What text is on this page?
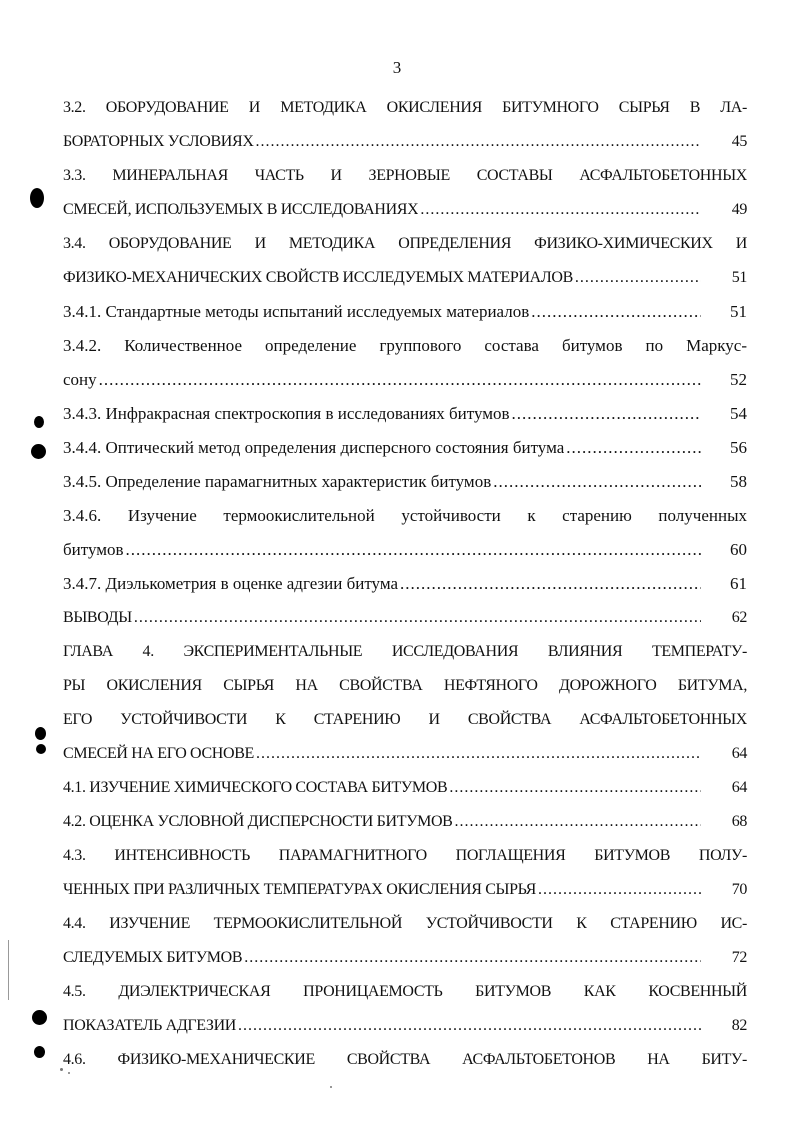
3
3.2. ОБОРУДОВАНИЕ И МЕТОДИКА ОКИСЛЕНИЯ БИТУМНОГО СЫРЬЯ В ЛА-
БОРАТОРНЫХ УСЛОВИЯХ .....	45
3.3. МИНЕРАЛЬНАЯ ЧАСТЬ И ЗЕРНОВЫЕ СОСТАВЫ АСФАЛЬТОБЕТОННЫХ
СМЕСЕЙ, ИСПОЛЬЗУЕМЫХ В ИССЛЕДОВАНИЯХ .....	49
3.4. ОБОРУДОВАНИЕ И МЕТОДИКА ОПРЕДЕЛЕНИЯ ФИЗИКО-ХИМИЧЕСКИХ И
ФИЗИКО-МЕХАНИЧЕСКИХ СВОЙСТВ ИССЛЕДУЕМЫХ МАТЕРИАЛОВ .....	51
3.4.1. Стандартные методы испытаний исследуемых материалов .....	51
3.4.2. Количественное определение группового состава битумов по Маркус-
сону .....	52
3.4.3. Инфракрасная спектроскопия в исследованиях битумов .....	54
3.4.4. Оптический метод определения дисперсного состояния битума .....	56
3.4.5. Определение парамагнитных характеристик битумов .....	58
3.4.6. Изучение термоокислительной устойчивости к старению полученных
битумов .....	60
3.4.7. Диэлькометрия в оценке адгезии битума .....	61
ВЫВОДЫ .....	62
ГЛАВА 4. ЭКСПЕРИМЕНТАЛЬНЫЕ ИССЛЕДОВАНИЯ ВЛИЯНИЯ ТЕМПЕРАТУ-
РЫ ОКИСЛЕНИЯ СЫРЬЯ НА СВОЙСТВА НЕФТЯНОГО ДОРОЖНОГО БИТУМА,
ЕГО УСТОЙЧИВОСТИ К СТАРЕНИЮ И СВОЙСТВА АСФАЛЬТОБЕТОННЫХ
СМЕСЕЙ НА ЕГО ОСНОВЕ .....	64
4.1. ИЗУЧЕНИЕ ХИМИЧЕСКОГО СОСТАВА БИТУМОВ .....	64
4.2. ОЦЕНКА УСЛОВНОЙ ДИСПЕРСНОСТИ БИТУМОВ .....	68
4.3. ИНТЕНСИВНОСТЬ ПАРАМАГНИТНОГО ПОГЛАЩЕНИЯ БИТУМОВ ПОЛУ-
ЧЕННЫХ ПРИ РАЗЛИЧНЫХ ТЕМПЕРАТУРАХ ОКИСЛЕНИЯ СЫРЬЯ .....	70
4.4. ИЗУЧЕНИЕ ТЕРМООКИСЛИТЕЛЬНОЙ УСТОЙЧИВОСТИ К СТАРЕНИЮ ИС-
СЛЕДУЕМЫХ БИТУМОВ .....	72
4.5. ДИЭЛЕКТРИЧЕСКАЯ ПРОНИЦАЕМОСТЬ БИТУМОВ КАК КОСВЕННЫЙ
ПОКАЗАТЕЛЬ АДГЕЗИИ .....	82
4.6. ФИЗИКО-МЕХАНИЧЕСКИЕ СВОЙСТВА АСФАЛЬТОБЕТОНОВ НА БИТУ-
